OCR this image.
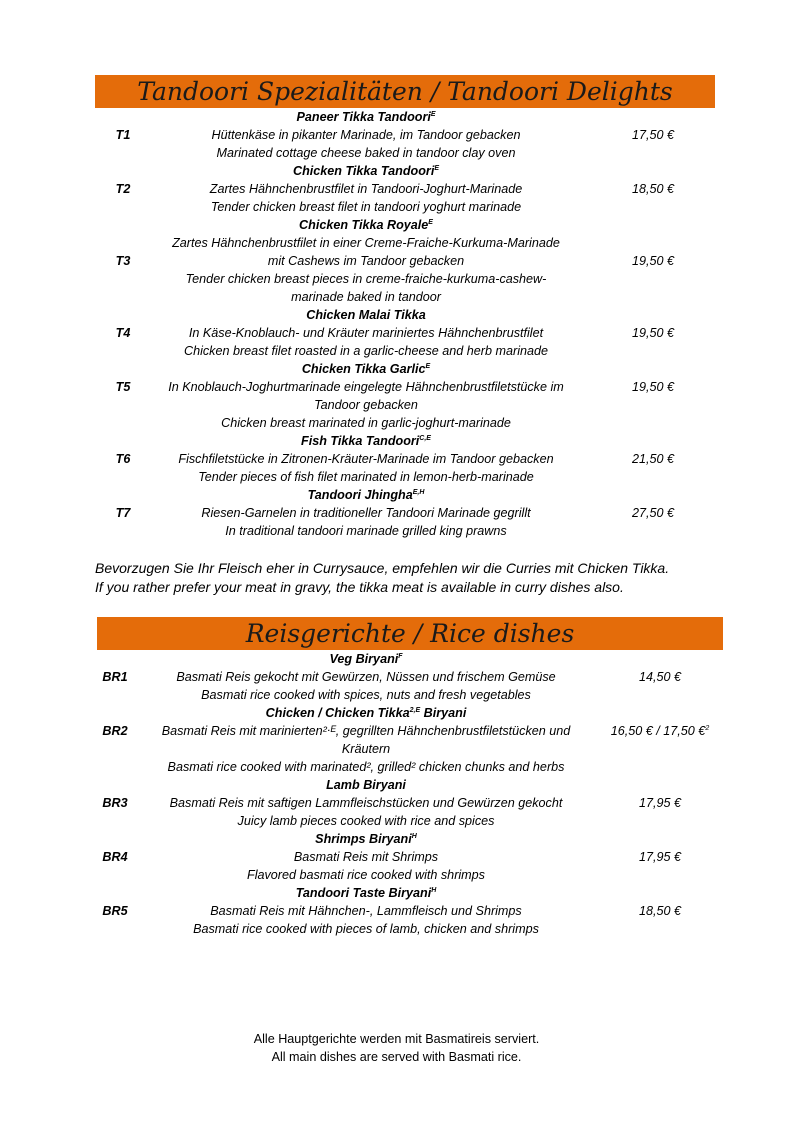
Tandoori Spezialitäten / Tandoori Delights
Paneer Tikka Tandoori$^E$
Hüttenkäse in pikanter Marinade, im Tandoor gebacken
Marinated cottage cheese baked in tandoor clay oven
T1	17,50 €
Chicken Tikka Tandoori$^E$
Zartes Hähnchenbrustfilet in Tandoori-Joghurt-Marinade
Tender chicken breast filet in tandoori yoghurt marinade
T2	18,50 €
Chicken Tikka Royale$^E$
Zartes Hähnchenbrustfilet in einer Creme-Fraiche-Kurkuma-Marinade
mit Cashews im Tandoor gebacken
Tender chicken breast pieces in creme-fraiche-kurkuma-cashew-
marinade baked in tandoor
T3	19,50 €
Chicken Malai Tikka
In Käse-Knoblauch- und Kräuter mariniertes Hähnchenbrustfilet
Chicken breast filet roasted in a garlic-cheese and herb marinade
T4	19,50 €
Chicken Tikka Garlic$^E$
In Knoblauch-Joghurtmarinade eingelegte Hähnchenbrustfiletstücke im
Tandoor gebacken
Chicken breast marinated in garlic-joghurt-marinade
T5	19,50 €
Fish Tikka Tandoori$^{C,E}$
Fischfiletstücke in Zitronen-Kräuter-Marinade im Tandoor gebacken
Tender pieces of fish filet marinated in lemon-herb-marinade
T6	21,50 €
Tandoori Jhingha$^{E,H}$
Riesen-Garnelen in traditioneller Tandoori Marinade gegrillt
In traditional tandoori marinade grilled king prawns
T7	27,50 €
Bevorzugen Sie Ihr Fleisch eher in Currysauce, empfehlen wir die Curries mit Chicken Tikka.
If you rather prefer your meat in gravy, the tikka meat is available in curry dishes also.
Reisgerichte / Rice dishes
Veg Biryani$^F$
Basmati Reis gekocht mit Gewürzen, Nüssen und frischem Gemüse
Basmati rice cooked with spices, nuts and fresh vegetables
BR1	14,50 €
Chicken / Chicken Tikka$^{2,E}$ Biryani
Basmati Reis mit marinierten²ᐧᴱ, gegrillten Hähnchenbrustfiletstücken und
Kräutern
Basmati rice cooked with marinated², grilled² chicken chunks and herbs
BR2	16,50 € / 17,50 €$^2$
Lamb Biryani
Basmati Reis mit saftigen Lammfleischstücken und Gewürzen gekocht
Juicy lamb pieces cooked with rice and spices
BR3	17,95 €
Shrimps Biryani$^H$
Basmati Reis mit Shrimps
Flavored basmati rice cooked with shrimps
BR4	17,95 €
Tandoori Taste Biryani$^H$
Basmati Reis mit Hähnchen-, Lammfleisch und Shrimps
Basmati rice cooked with pieces of lamb, chicken and shrimps
BR5	18,50 €
Alle Hauptgerichte werden mit Basmatireis serviert.
All main dishes are served with Basmati rice.
